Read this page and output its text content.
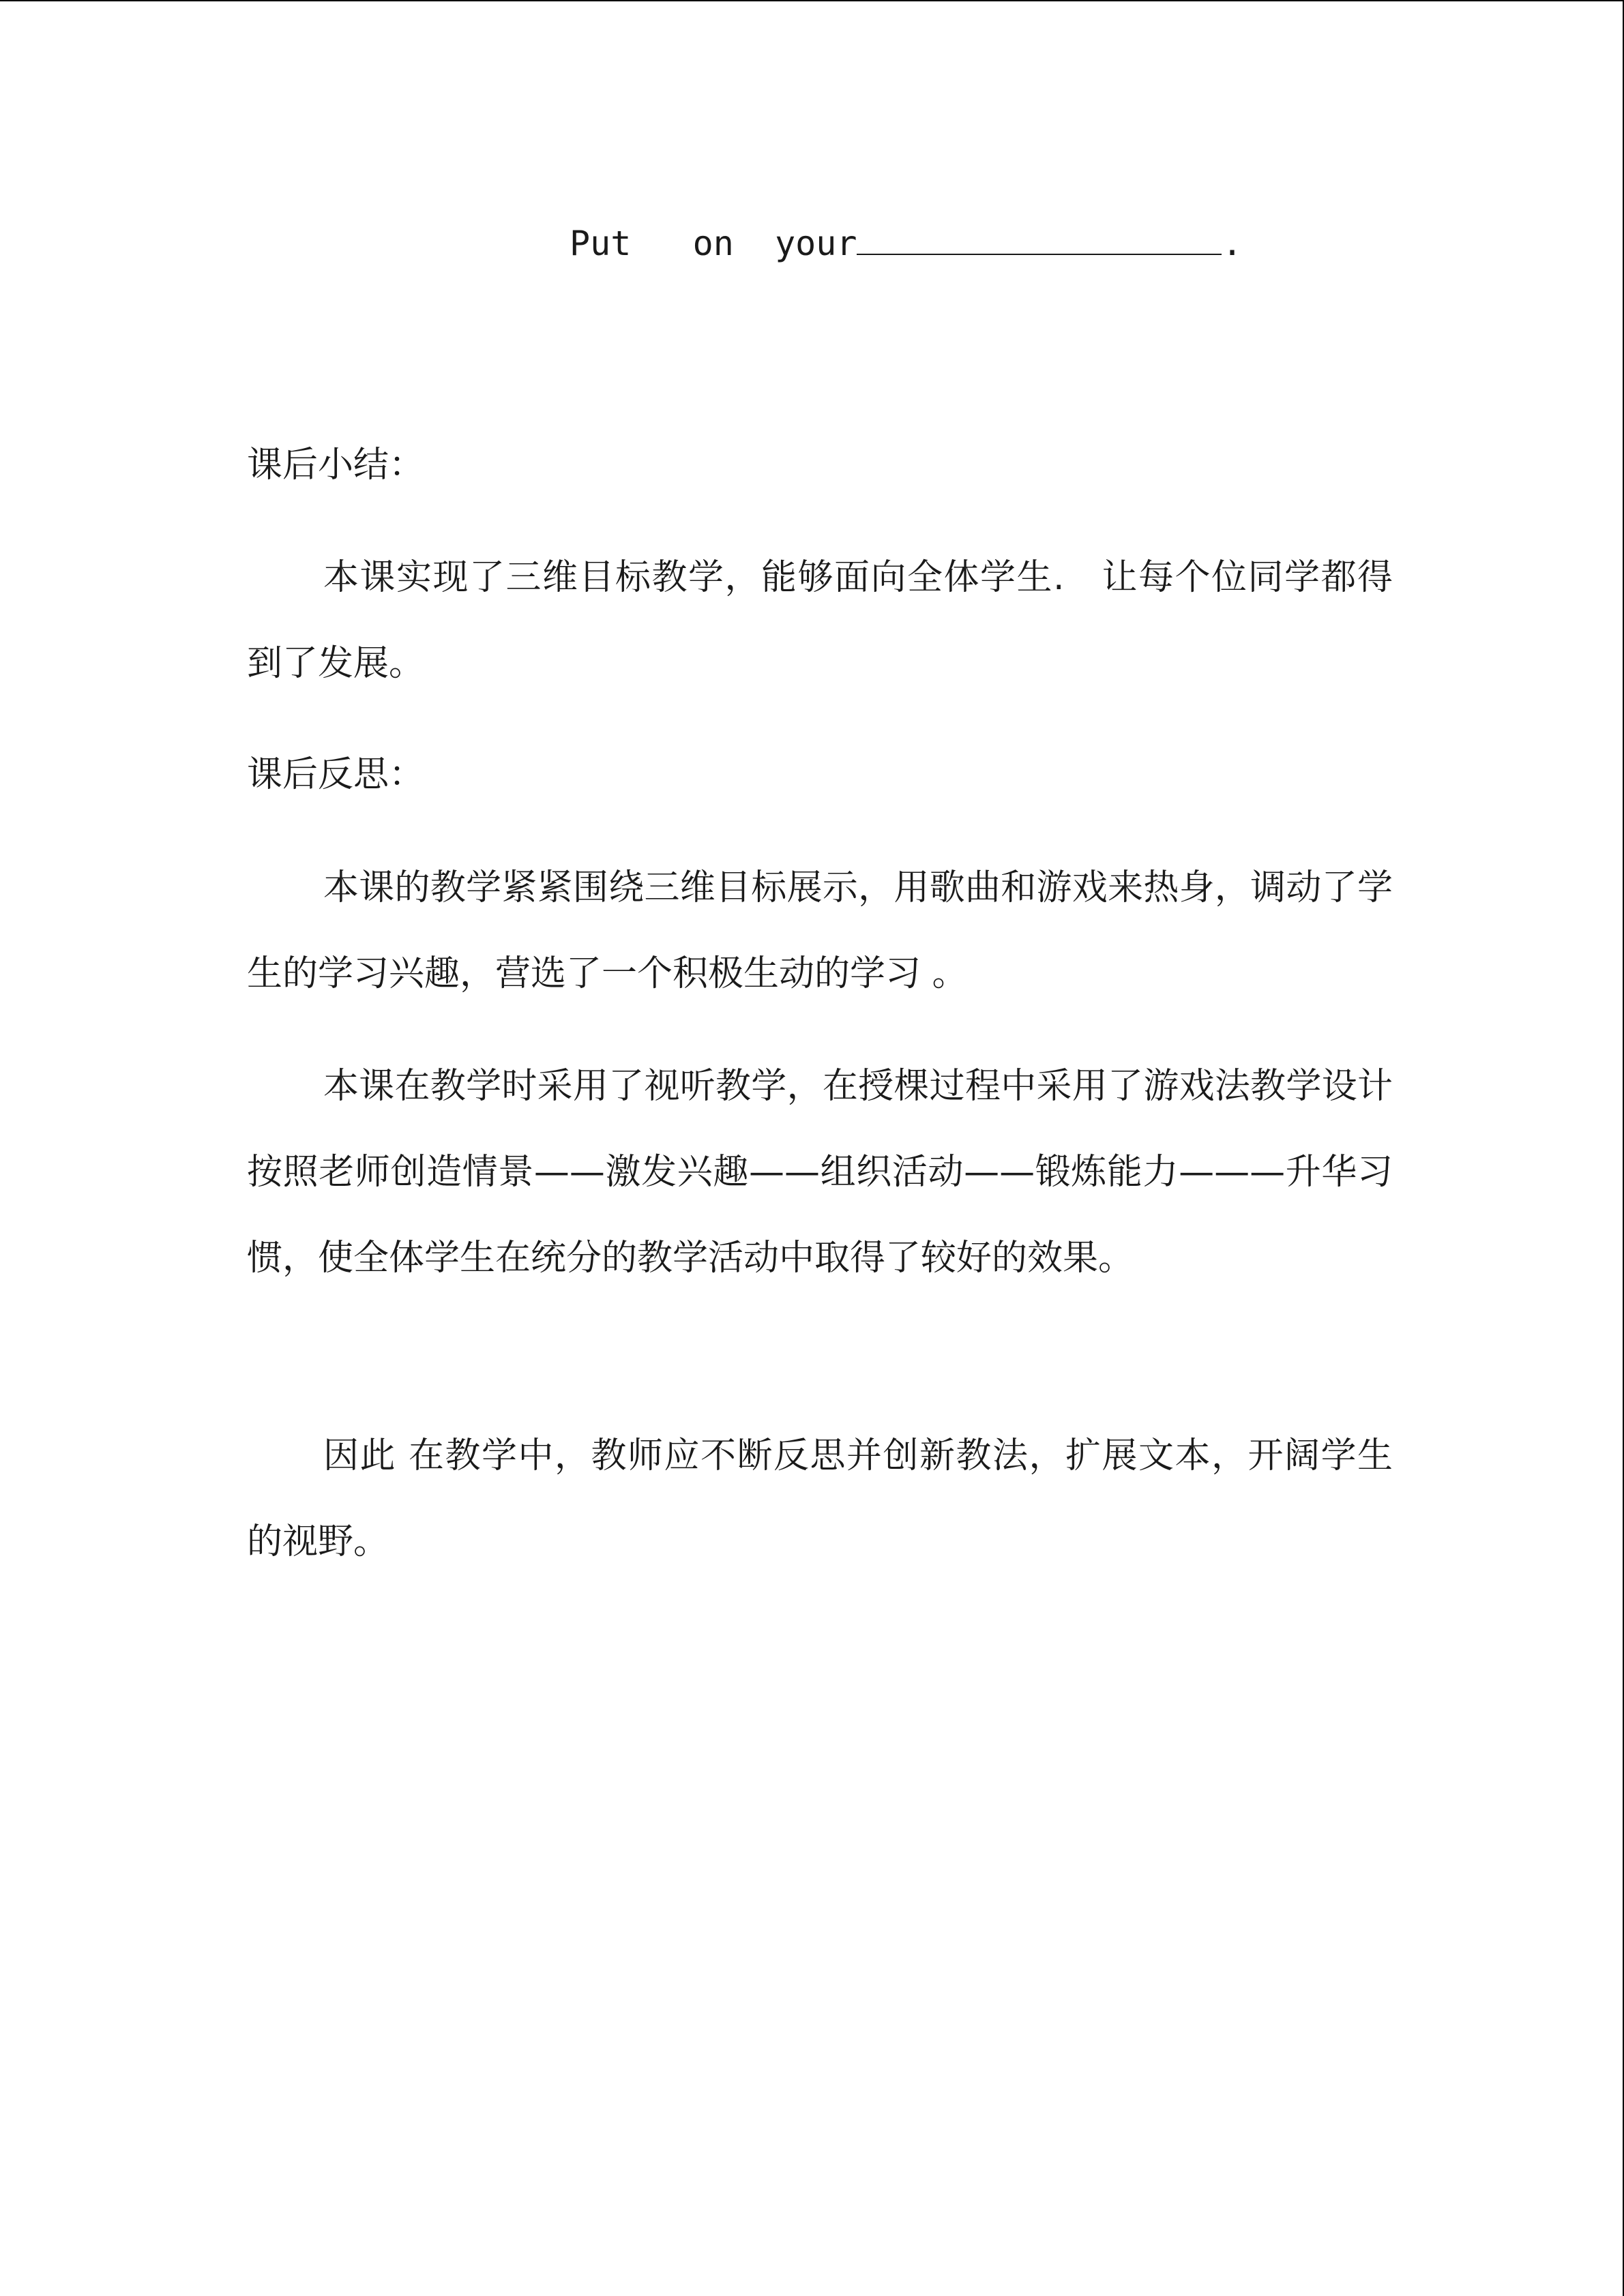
Put on your	.

课后小结：

本课实现了三维目标教学，能够面向全体学生.　让每个位同学都得到了发展。

课后反思：

本课的教学紧紧围绕三维目标展示，用歌曲和游戏来热身，调动了学生的学习兴趣，营选了一个积极生动的学习 。

本课在教学时采用了视听教学，在授棵过程中采用了游戏法教学设计按照老师创造情景——激发兴趣——组织活动——锻炼能力———升华习惯，使全体学生在统分的教学活动中取得了较好的效果。

因此 在教学中，教师应不断反思并创新教法，扩展文本，开阔学生的视野。
